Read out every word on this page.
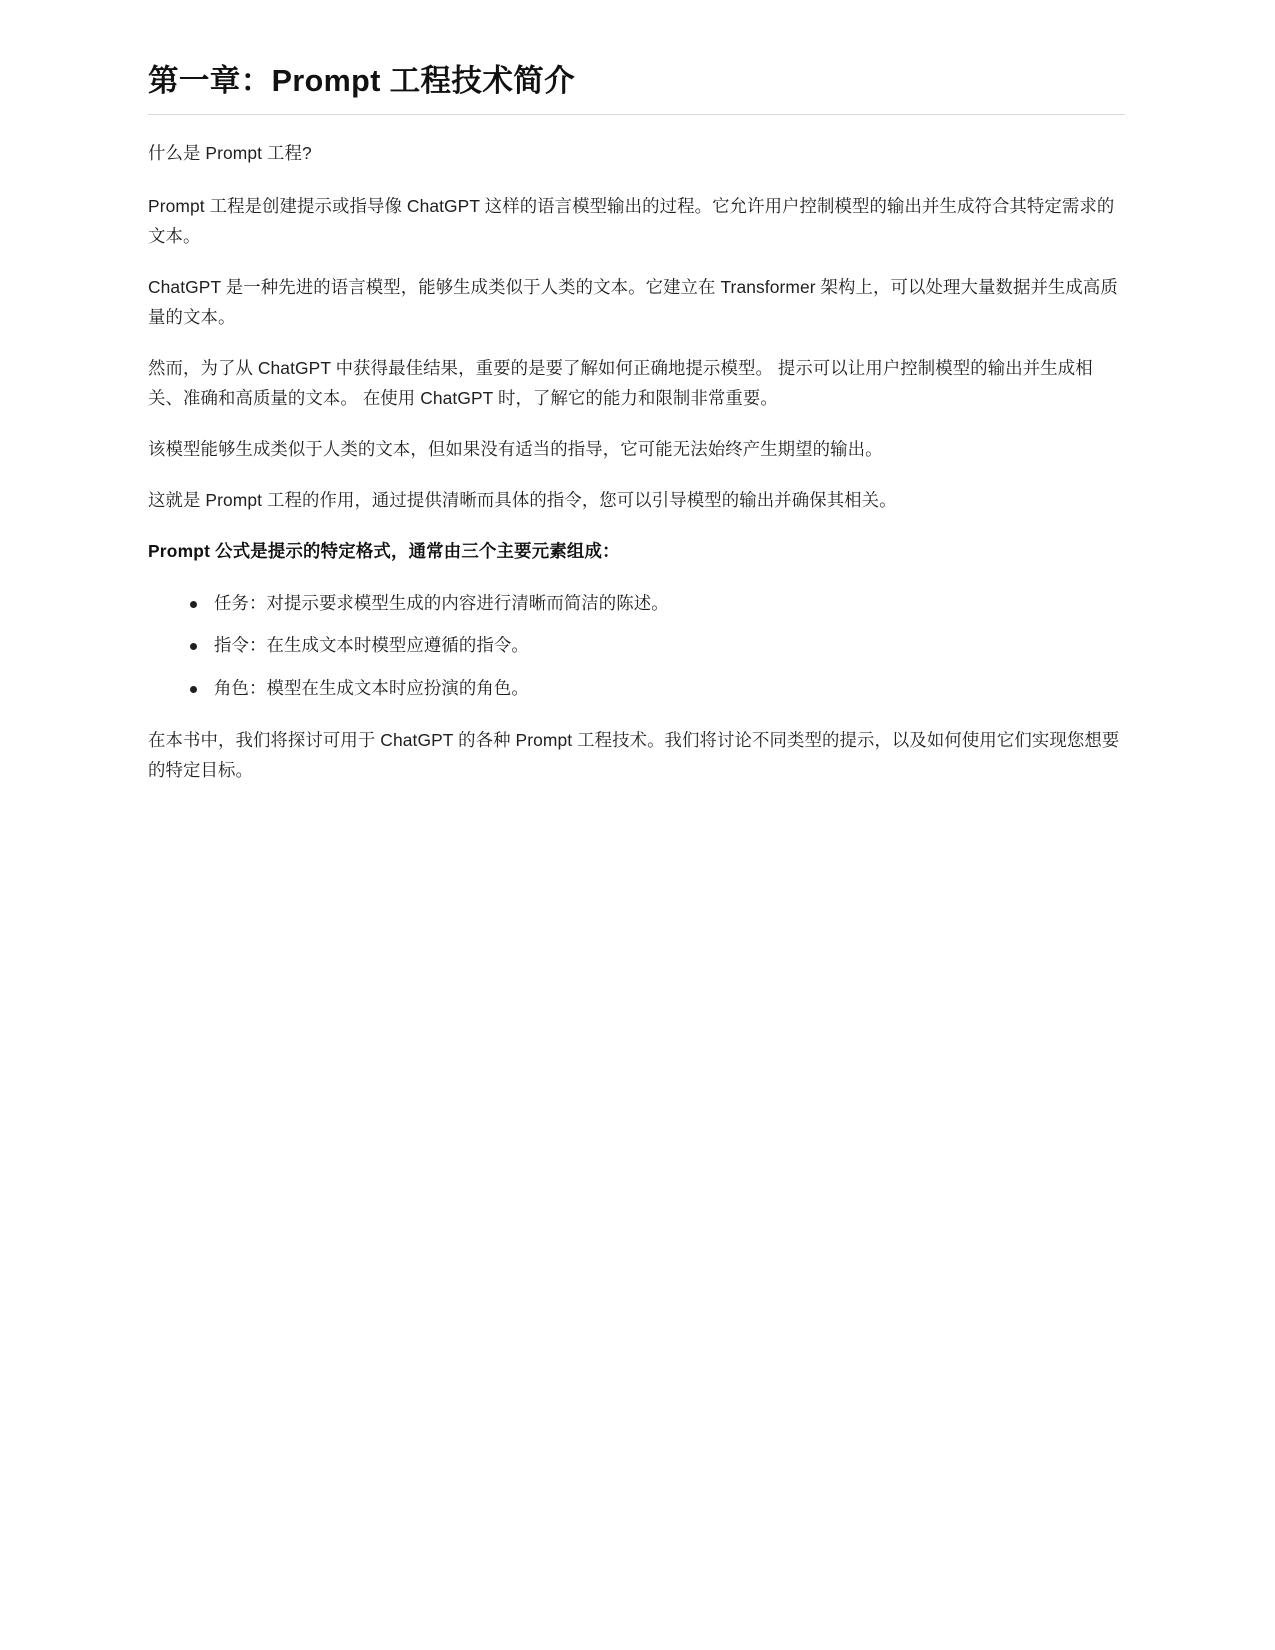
第一章：Prompt 工程技术简介

什么是 Prompt 工程?

Prompt 工程是创建提示或指导像 ChatGPT 这样的语言模型输出的过程。它允许用户控制模型的输出并生成符合其特定需求的文本。

ChatGPT 是一种先进的语言模型，能够生成类似于人类的文本。它建立在 Transformer 架构上，可以处理大量数据并生成高质量的文本。

然而，为了从 ChatGPT 中获得最佳结果，重要的是要了解如何正确地提示模型。 提示可以让用户控制模型的输出并生成相关、准确和高质量的文本。 在使用 ChatGPT 时，了解它的能力和限制非常重要。

该模型能够生成类似于人类的文本，但如果没有适当的指导，它可能无法始终产生期望的输出。

这就是 Prompt 工程的作用，通过提供清晰而具体的指令，您可以引导模型的输出并确保其相关。

Prompt 公式是提示的特定格式，通常由三个主要元素组成：

任务：对提示要求模型生成的内容进行清晰而简洁的陈述。
指令：在生成文本时模型应遵循的指令。
角色：模型在生成文本时应扮演的角色。

在本书中，我们将探讨可用于 ChatGPT 的各种 Prompt 工程技术。我们将讨论不同类型的提示，以及如何使用它们实现您想要的特定目标。
